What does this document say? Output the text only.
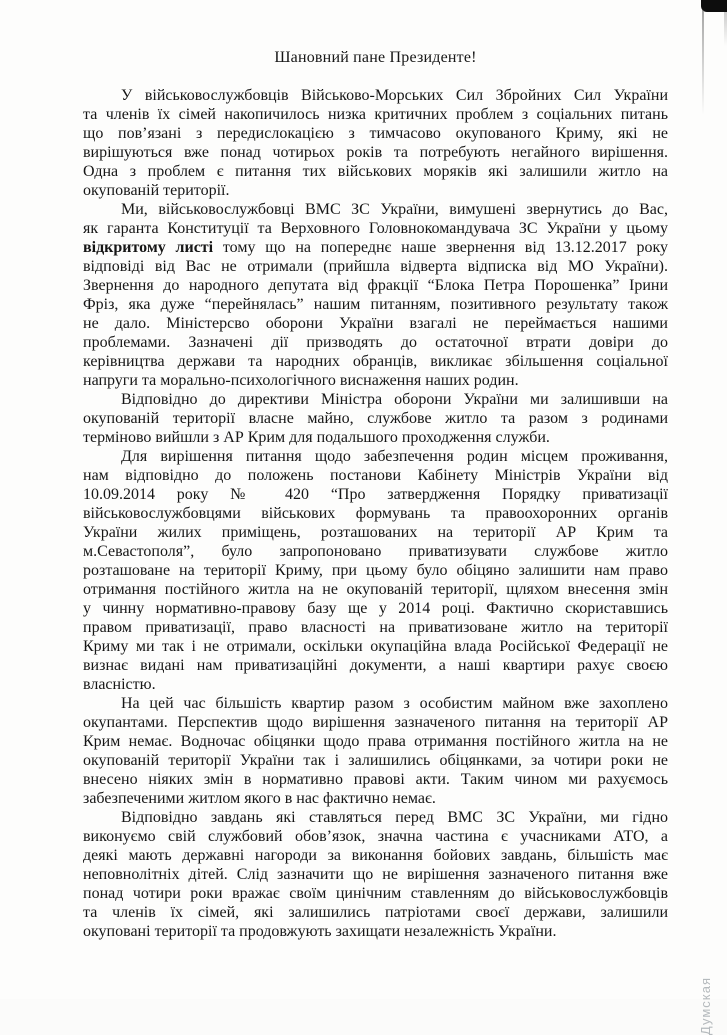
Шановний пане Президенте!
У військовослужбовців Військово-Морських Сил Збройних Сил України
та членів їх сімей накопичилось низка критичних проблем з соціальних питань
що пов’язані з передислокацією з тимчасово окупованого Криму, які не
вирішуються вже понад чотирьох років та потребують негайного вирішення.
Одна з проблем є питання тих військових моряків які залишили житло на
окупованій території.
Ми, військовослужбовці ВМС ЗС України, вимушені звернутись до Вас,
як гаранта Конституції та Верховного Головнокомандувача ЗС України у цьому
відкритому листі тому що на попереднє наше звернення від 13.12.2017 року
відповіді від Вас не отримали (прийшла відверта відписка від МО України).
Звернення до народного депутата від фракції “Блока Петра Порошенка” Ірини
Фріз, яка дуже “перейнялась” нашим питанням, позитивного результату також
не дало. Міністерсво оборони України взагалі не переймається нашими
проблемами. Зазначені дії призводять до остаточної втрати довіри до
керівництва держави та народних обранців, викликає збільшення соціальної
напруги та морально-психологічного виснаження наших родин.
Відповідно до директиви Міністра оборони України ми залишивши на
окупованій території власне майно, службове житло та разом з родинами
терміново вийшли з АР Крим для подальшого проходження служби.
Для вирішення питання щодо забезпечення родин місцем проживання,
нам відповідно до положень постанови Кабінету Міністрів України від
10.09.2014 року № 420 “Про затвердження Порядку приватизації
військовослужбовцями військових формувань та правоохоронних органів
України жилих приміщень, розташованих на території АР Крим та
м.Севастополя”, було запропоновано приватизувати службове житло
розташоване на території Криму, при цьому було обіцяно залишити нам право
отримання постійного житла на не окупованій території, щляхом внесення змін
у чинну нормативно-правову базу ще у 2014 році. Фактично скориставшись
правом приватизації, право власності на приватизоване житло на території
Криму ми так і не отримали, оскільки окупаційна влада Російської Федерації не
визнає видані нам приватизаційні документи, а наші квартири рахує своєю
власністю.
На цей час більшість квартир разом з особистим майном вже захоплено
окупантами. Перспектив щодо вирішення зазначеного питання на території АР
Крим немає. Водночас обіцянки щодо права отримання постійного житла на не
окупованій території України так і залишились обіцянками, за чотири роки не
внесено ніяких змін в нормативно правові акти. Таким чином ми рахуємось
забезпеченими житлом якого в нас фактично немає.
Відповідно завдань які ставляться перед ВМС ЗС України, ми гідно
виконуємо свій службовий обов’язок, значна частина є учасниками АТО, а
деякі мають державні нагороди за виконання бойових завдань, більшість має
неповнолітніх дітей. Слід зазначити що не вирішення зазначеного питання вже
понад чотири роки вражає своїм цинічним ставленням до військовослужбовців
та членів їх сімей, які залишились патріотами своєї держави, залишили
окуповані території та продовжують захищати незалежність України.
Думская
